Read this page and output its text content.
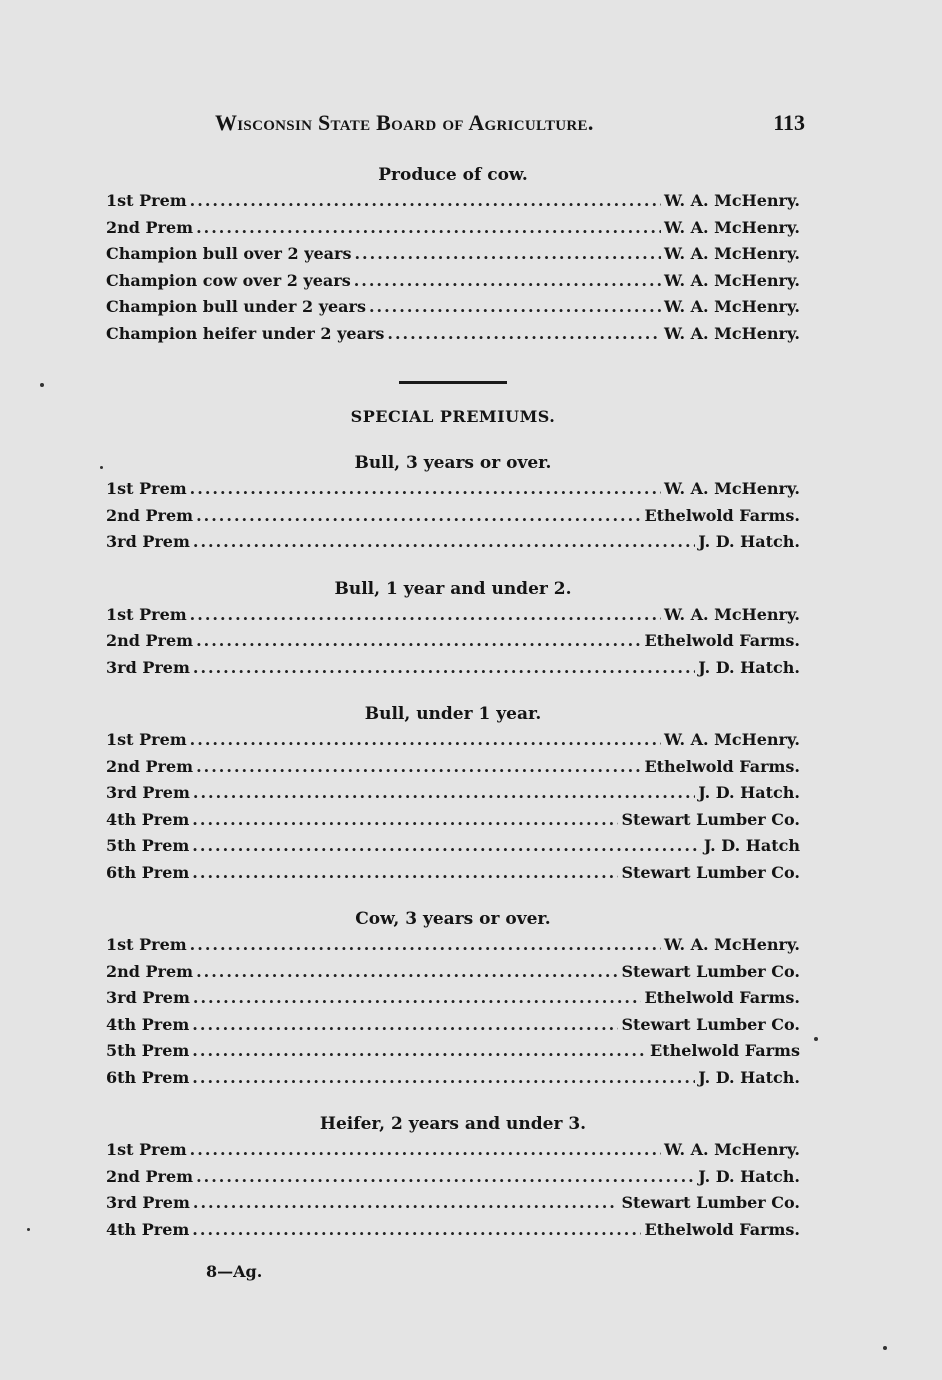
Wisconsin State Board of Agriculture.	113
Produce of cow.
1st Prem .....	W. A. McHenry.
2nd Prem .....	W. A. McHenry.
Champion bull over 2 years .....	W. A. McHenry.
Champion cow over 2 years .....	W. A. McHenry.
Champion bull under 2 years .....	W. A. McHenry.
Champion heifer under 2 years .....	W. A. McHenry.
SPECIAL PREMIUMS.
Bull, 3 years or over.
1st Prem .....	W. A. McHenry.
2nd Prem .....	Ethelwold Farms.
3rd Prem .....	J. D. Hatch.
Bull, 1 year and under 2.
1st Prem .....	W. A. McHenry.
2nd Prem .....	Ethelwold Farms.
3rd Prem .....	J. D. Hatch.
Bull, under 1 year.
1st Prem .....	W. A. McHenry.
2nd Prem .....	Ethelwold Farms.
3rd Prem .....	J. D. Hatch.
4th Prem .....	Stewart Lumber Co.
5th Prem .....	J. D. Hatch
6th Prem .....	Stewart Lumber Co.
Cow, 3 years or over.
1st Prem .....	W. A. McHenry.
2nd Prem .....	Stewart Lumber Co.
3rd Prem .....	Ethelwold Farms.
4th Prem .....	Stewart Lumber Co.
5th Prem .....	Ethelwold Farms
6th Prem .....	J. D. Hatch.
Heifer, 2 years and under 3.
1st Prem .....	W. A. McHenry.
2nd Prem .....	J. D. Hatch.
3rd Prem .....	Stewart Lumber Co.
4th Prem .....	Ethelwold Farms.
8—Ag.
